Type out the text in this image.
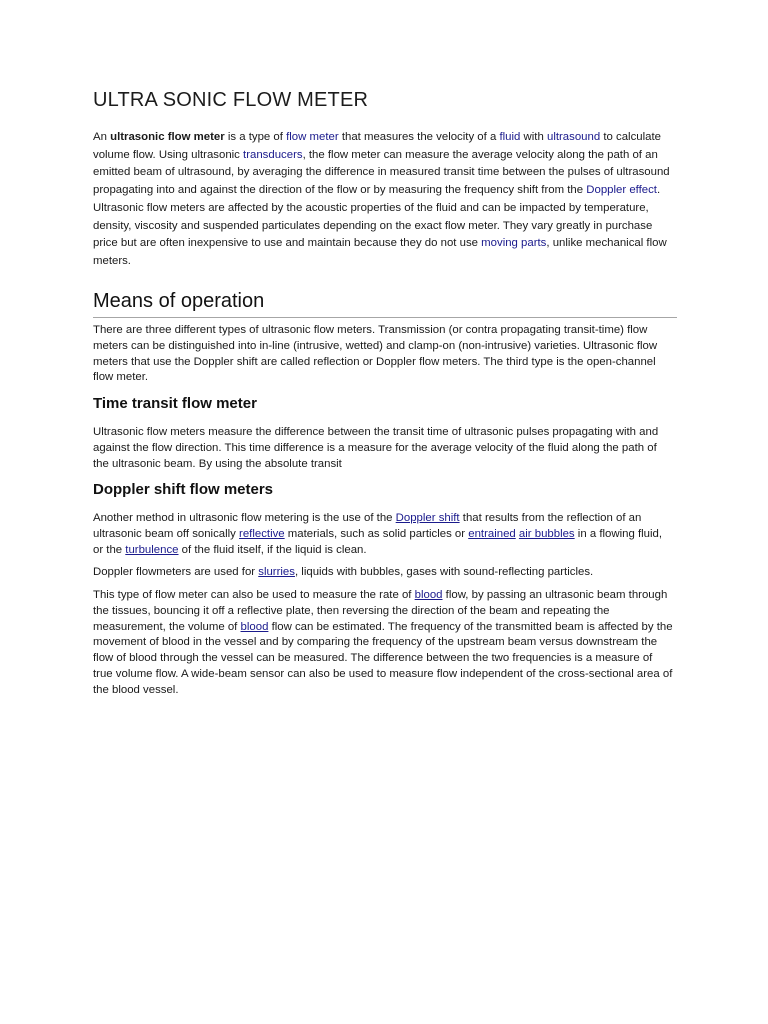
ULTRA SONIC FLOW METER

An ultrasonic flow meter is a type of flow meter that measures the velocity of a fluid with ultrasound to calculate volume flow. Using ultrasonic transducers, the flow meter can measure the average velocity along the path of an emitted beam of ultrasound, by averaging the difference in measured transit time between the pulses of ultrasound propagating into and against the direction of the flow or by measuring the frequency shift from the Doppler effect. Ultrasonic flow meters are affected by the acoustic properties of the fluid and can be impacted by temperature, density, viscosity and suspended particulates depending on the exact flow meter. They vary greatly in purchase price but are often inexpensive to use and maintain because they do not use moving parts, unlike mechanical flow meters.

Means of operation

There are three different types of ultrasonic flow meters. Transmission (or contra propagating transit-time) flow meters can be distinguished into in-line (intrusive, wetted) and clamp-on (non-intrusive) varieties. Ultrasonic flow meters that use the Doppler shift are called reflection or Doppler flow meters. The third type is the open-channel flow meter.

Time transit flow meter

Ultrasonic flow meters measure the difference between the transit time of ultrasonic pulses propagating with and against the flow direction. This time difference is a measure for the average velocity of the fluid along the path of the ultrasonic beam. By using the absolute transit

Doppler shift flow meters

Another method in ultrasonic flow metering is the use of the Doppler shift that results from the reflection of an ultrasonic beam off sonically reflective materials, such as solid particles or entrained air bubbles in a flowing fluid, or the turbulence of the fluid itself, if the liquid is clean.

Doppler flowmeters are used for slurries, liquids with bubbles, gases with sound-reflecting particles.

This type of flow meter can also be used to measure the rate of blood flow, by passing an ultrasonic beam through the tissues, bouncing it off a reflective plate, then reversing the direction of the beam and repeating the measurement, the volume of blood flow can be estimated. The frequency of the transmitted beam is affected by the movement of blood in the vessel and by comparing the frequency of the upstream beam versus downstream the flow of blood through the vessel can be measured. The difference between the two frequencies is a measure of true volume flow. A wide-beam sensor can also be used to measure flow independent of the cross-sectional area of the blood vessel.
